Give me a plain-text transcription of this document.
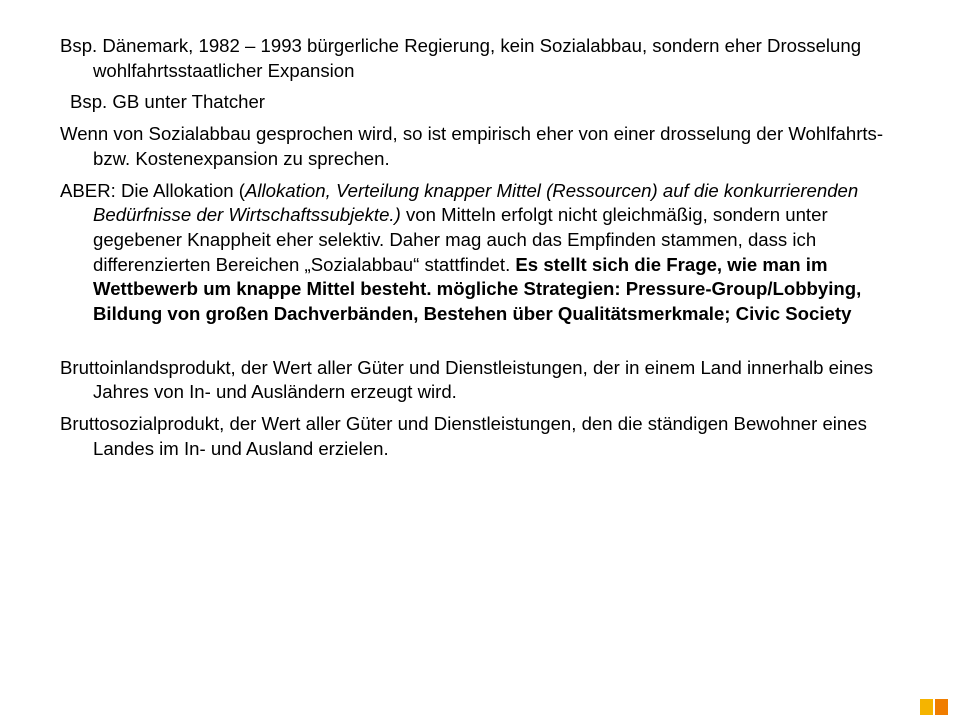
Bsp. Dänemark, 1982 – 1993 bürgerliche Regierung, kein Sozialabbau, sondern eher Drosselung wohlfahrtsstaatlicher Expansion

Bsp. GB unter Thatcher

Wenn von Sozialabbau gesprochen wird, so ist empirisch eher von einer drosselung der Wohlfahrts- bzw. Kostenexpansion zu sprechen.

ABER: Die Allokation (Allokation, Verteilung knapper Mittel (Ressourcen) auf die konkurrierenden Bedürfnisse der Wirtschaftssubjekte.) von Mitteln erfolgt nicht gleichmäßig, sondern unter gegebener Knappheit eher selektiv. Daher mag auch das Empfinden stammen, dass ich differenzierten Bereichen „Sozialabbau“ stattfindet. Es stellt sich die Frage, wie man im Wettbewerb um knappe Mittel besteht. mögliche Strategien: Pressure-Group/Lobbying, Bildung von großen Dachverbänden, Bestehen über Qualitätsmerkmale; Civic Society

Bruttoinlandsprodukt, der Wert aller Güter und Dienstleistungen, der in einem Land innerhalb eines Jahres von In- und Ausländern erzeugt wird.

Bruttosozialprodukt, der Wert aller Güter und Dienstleistungen, den die ständigen Bewohner eines Landes im In- und Ausland erzielen.
